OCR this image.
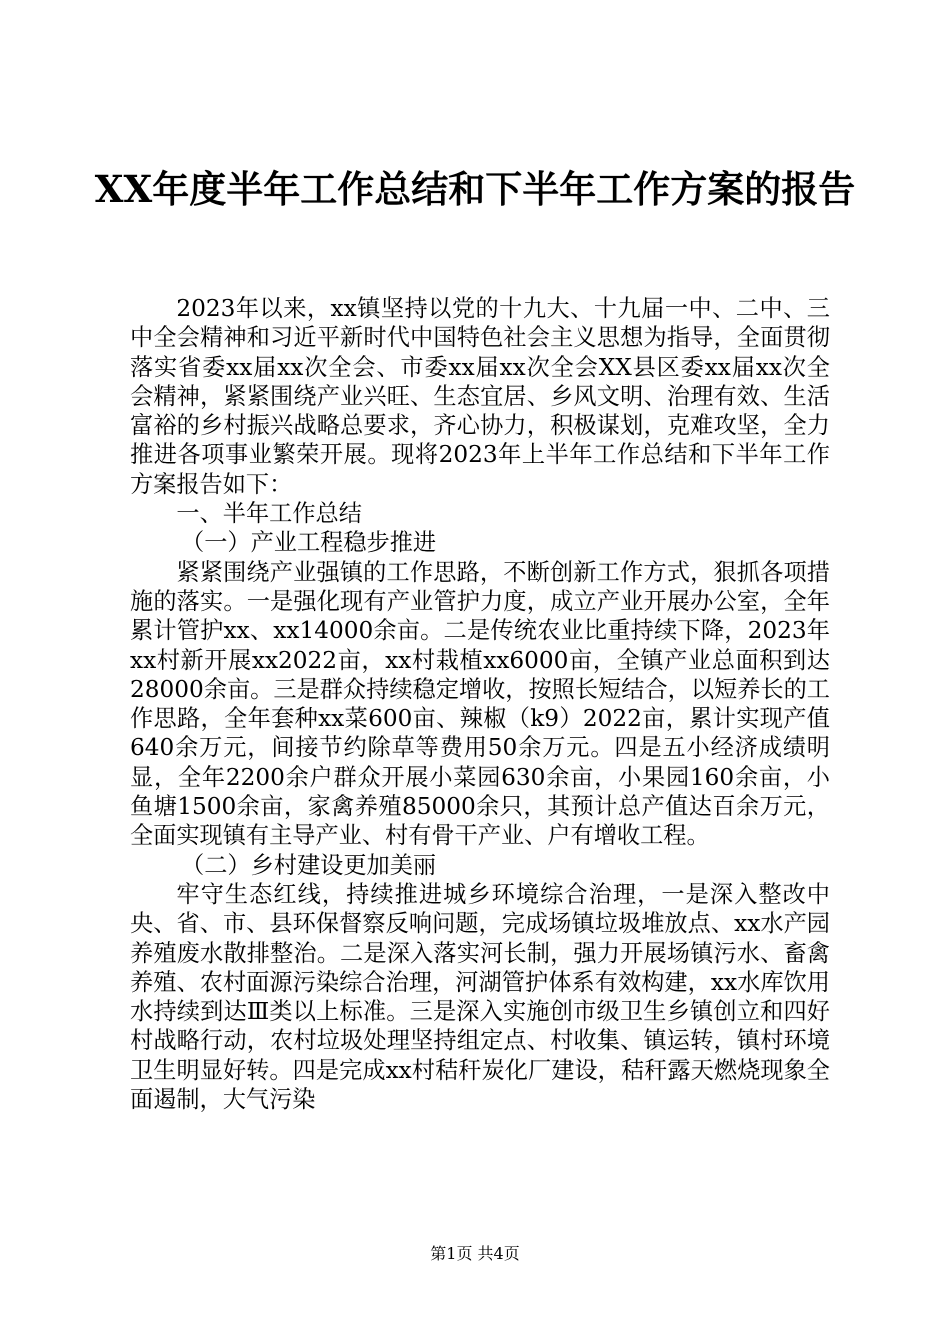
XX年度半年工作总结和下半年工作方案的报告

2023年以来，xx镇坚持以党的十九大、十九届一中、二中、三中全会精神和习近平新时代中国特色社会主义思想为指导，全面贯彻落实省委xx届xx次全会、市委xx届xx次全会XX县区委xx届xx次全会精神，紧紧围绕产业兴旺、生态宜居、乡风文明、治理有效、生活富裕的乡村振兴战略总要求，齐心协力，积极谋划，克难攻坚，全力推进各项事业繁荣开展。现将2023年上半年工作总结和下半年工作方案报告如下：

一、半年工作总结

（一）产业工程稳步推进

紧紧围绕产业强镇的工作思路，不断创新工作方式，狠抓各项措施的落实。一是强化现有产业管护力度，成立产业开展办公室，全年累计管护xx、xx14000余亩。二是传统农业比重持续下降，2023年xx村新开展xx2022亩，xx村栽植xx6000亩，全镇产业总面积到达28000余亩。三是群众持续稳定增收，按照长短结合，以短养长的工作思路，全年套种xx菜600亩、辣椒（k9）2022亩，累计实现产值640余万元，间接节约除草等费用50余万元。四是五小经济成绩明显，全年2200余户群众开展小菜园630余亩，小果园160余亩，小鱼塘1500余亩，家禽养殖85000余只，其预计总产值达百余万元，全面实现镇有主导产业、村有骨干产业、户有增收工程。

（二）乡村建设更加美丽

牢守生态红线，持续推进城乡环境综合治理，一是深入整改中央、省、市、县环保督察反响问题，完成场镇垃圾堆放点、xx水产园养殖废水散排整治。二是深入落实河长制，强力开展场镇污水、畜禽养殖、农村面源污染综合治理，河湖管护体系有效构建，xx水库饮用水持续到达Ⅲ类以上标准。三是深入实施创市级卫生乡镇创立和四好村战略行动，农村垃圾处理坚持组定点、村收集、镇运转，镇村环境卫生明显好转。四是完成xx村秸秆炭化厂建设，秸秆露天燃烧现象全面遏制，大气污染

第1页 共4页
